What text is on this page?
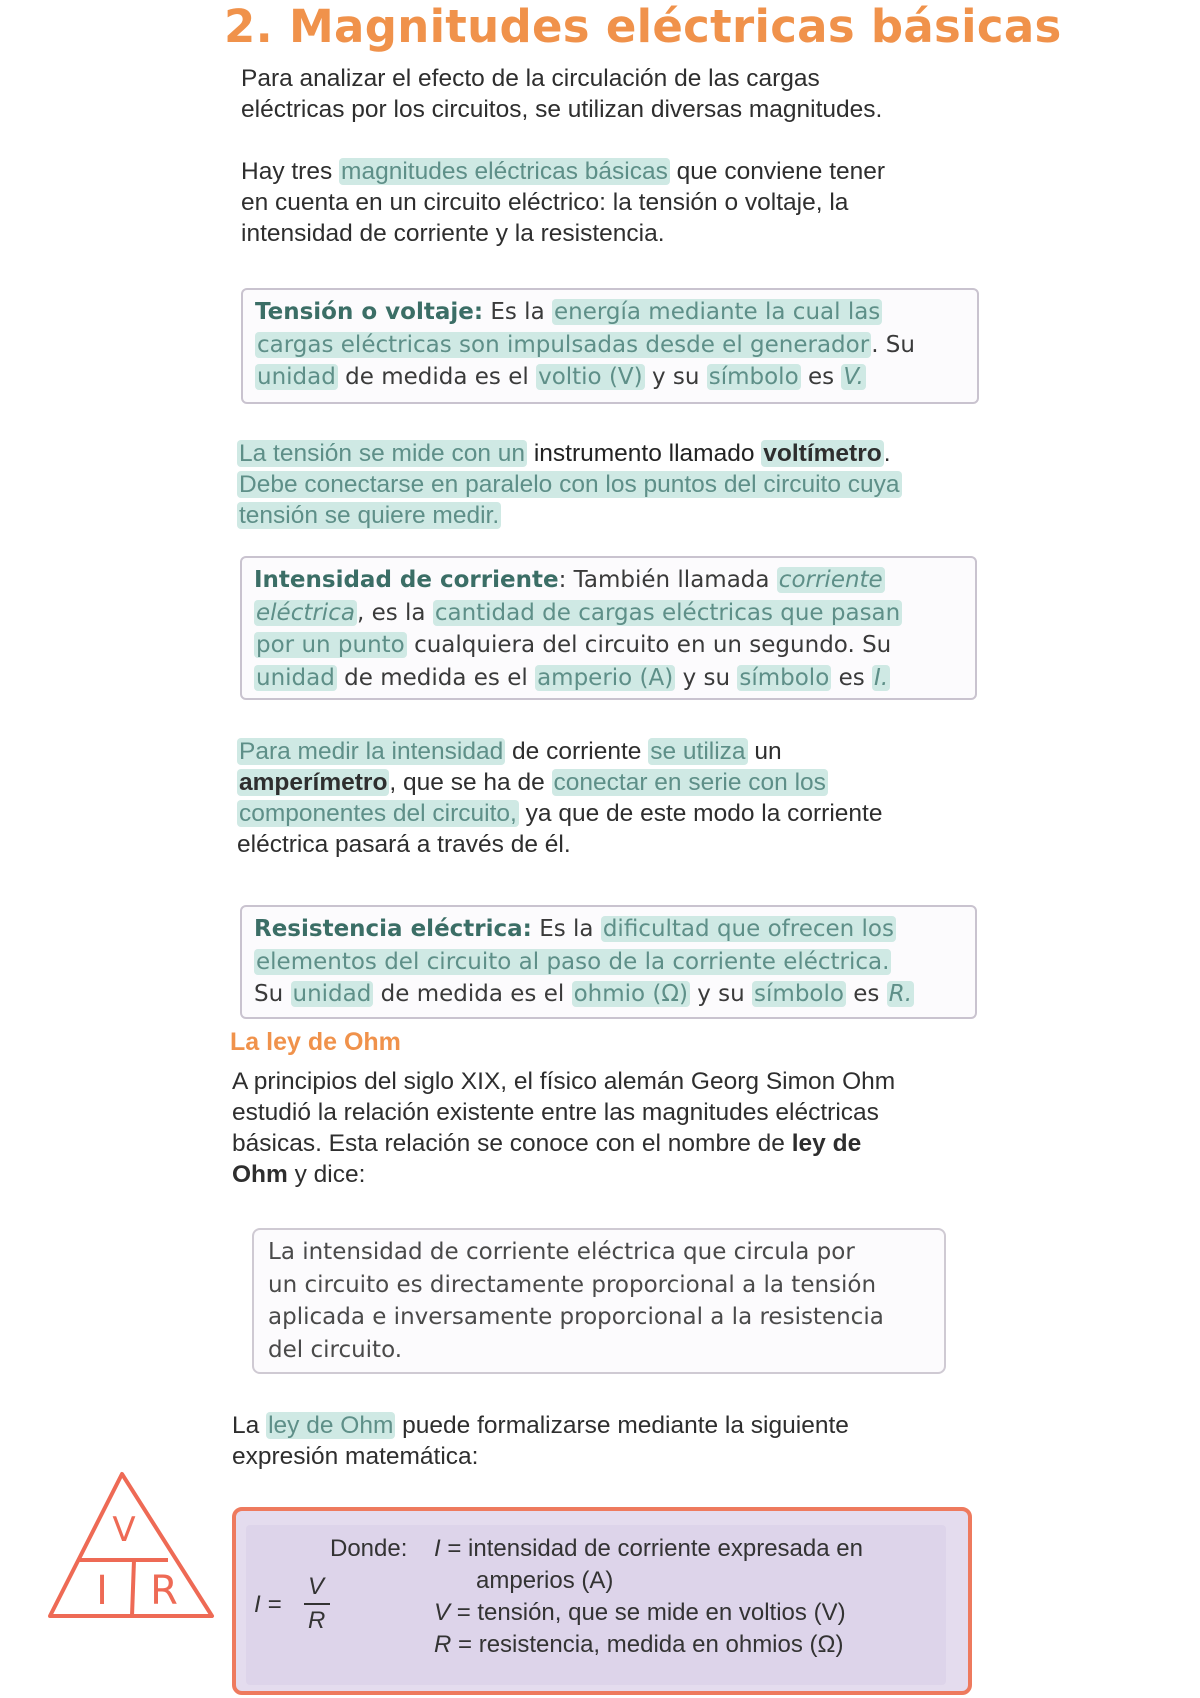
2. Magnitudes eléctricas básicas

Para analizar el efecto de la circulación de las cargas

eléctricas por los circuitos, se utilizan diversas magnitudes.

Hay tres magnitudes eléctricas básicas que conviene tener

en cuenta en un circuito eléctrico: la tensión o voltaje, la

intensidad de corriente y la resistencia.

Tensión o voltaje: Es la energía mediante la cual las

cargas eléctricas son impulsadas desde el generador. Su

unidad de medida es el voltio (V) y su símbolo es V.

La tensión se mide con un instrumento llamado voltímetro.

Debe conectarse en paralelo con los puntos del circuito cuya

tensión se quiere medir.

Intensidad de corriente: También llamada corriente

eléctrica, es la cantidad de cargas eléctricas que pasan

por un punto cualquiera del circuito en un segundo. Su

unidad de medida es el amperio (A) y su símbolo es I.

Para medir la intensidad de corriente se utiliza un

amperímetro, que se ha de conectar en serie con los

componentes del circuito, ya que de este modo la corriente

eléctrica pasará a través de él.

Resistencia eléctrica: Es la dificultad que ofrecen los

elementos del circuito al paso de la corriente eléctrica.

Su unidad de medida es el ohmio (Ω) y su símbolo es R.

La ley de Ohm

A principios del siglo XIX, el físico alemán Georg Simon Ohm

estudió la relación existente entre las magnitudes eléctricas

básicas. Esta relación se conoce con el nombre de ley de

Ohm y dice:

La intensidad de corriente eléctrica que circula por

un circuito es directamente proporcional a la tensión

aplicada e inversamente proporcional a la resistencia

del circuito.

La ley de Ohm puede formalizarse mediante la siguiente

expresión matemática:

V
I R	I =
V
R
Donde: I = intensidad de corriente expresada en
amperios (A)
V = tensión, que se mide en voltios (V)
R = resistencia, medida en ohmios (Ω)
